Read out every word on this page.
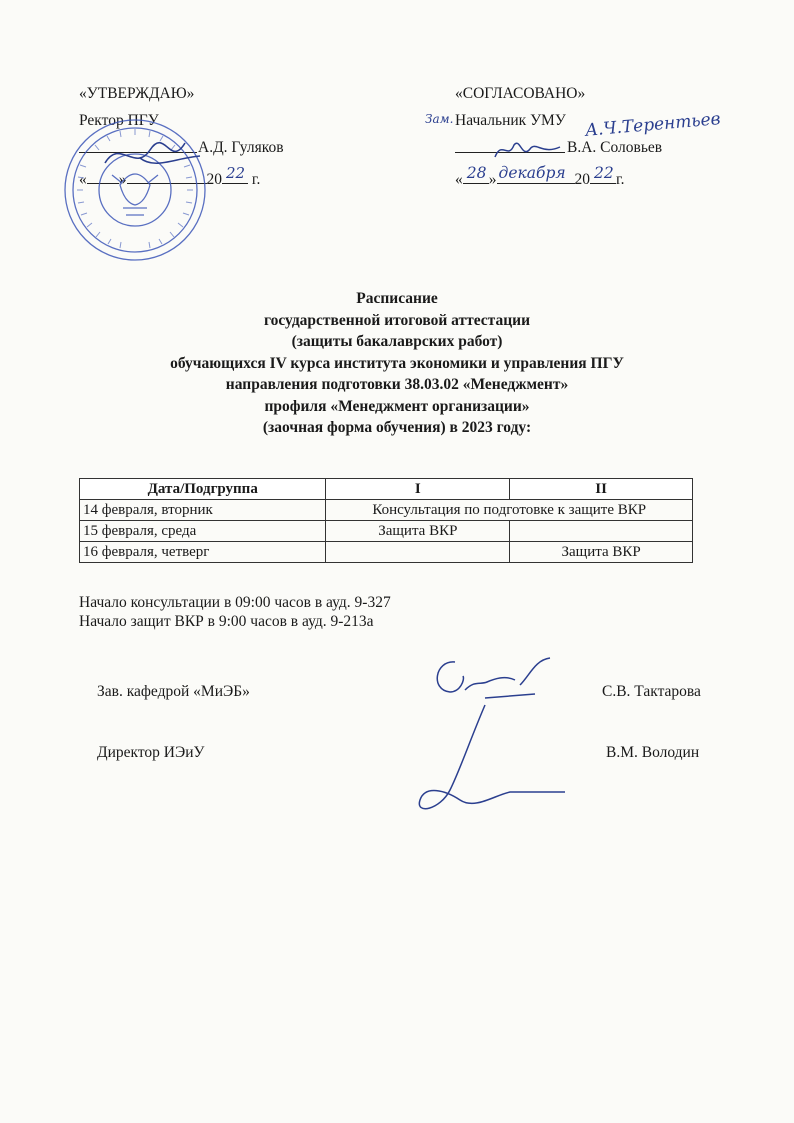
«УТВЕРЖДАЮ»
Ректор ПГУ
А.Д. Гуляков
« »	20 22 г.
«СОГЛАСОВАНО»
Зам. Начальник УМУ А.Ч.Терентьев
В.А. Соловьев
« 28 » декабря 20 22 г.
Расписание
государственной итоговой аттестации
(защиты бакалаврских работ)
обучающихся IV курса института экономики и управления ПГУ
направления подготовки 38.03.02 «Менеджмент»
профиля «Менеджмент организации»
(заочная форма обучения) в 2023 году:
Дата/Подгруппа	I	II
14 февраля, вторник	Консультация по подготовке к защите ВКР	
15 февраля, среда	Защита ВКР	
16 февраля, четверг		Защита ВКР
Начало консультации в 09:00 часов в ауд. 9-327
Начало защит ВКР в 9:00 часов в ауд. 9-213а
Зав. кафедрой «МиЭБ»	С.В. Тактарова
Директор ИЭиУ	В.М. Володин
